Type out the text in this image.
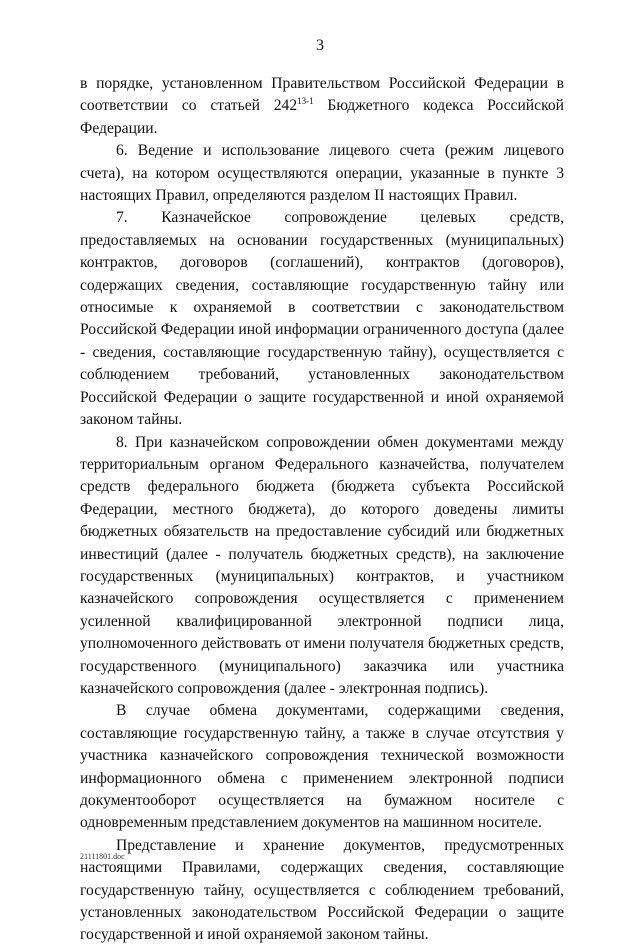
3

в порядке, установленном Правительством Российской Федерации в соответствии со статьей 242$^{13-1}$ Бюджетного кодекса Российской Федерации.

6. Ведение и использование лицевого счета (режим лицевого счета), на котором осуществляются операции, указанные в пункте 3 настоящих Правил, определяются разделом II настоящих Правил.

7. Казначейское сопровождение целевых средств, предоставляемых на основании государственных (муниципальных) контрактов, договоров (соглашений), контрактов (договоров), содержащих сведения, составляющие государственную тайну или относимые к охраняемой в соответствии с законодательством Российской Федерации иной информации ограниченного доступа (далее - сведения, составляющие государственную тайну), осуществляется с соблюдением требований, установленных законодательством Российской Федерации о защите государственной и иной охраняемой законом тайны.

8. При казначейском сопровождении обмен документами между территориальным органом Федерального казначейства, получателем средств федерального бюджета (бюджета субъекта Российской Федерации, местного бюджета), до которого доведены лимиты бюджетных обязательств на предоставление субсидий или бюджетных инвестиций (далее - получатель бюджетных средств), на заключение государственных (муниципальных) контрактов, и участником казначейского сопровождения осуществляется с применением усиленной квалифицированной электронной подписи лица, уполномоченного действовать от имени получателя бюджетных средств, государственного (муниципального) заказчика или участника казначейского сопровождения (далее - электронная подпись).

В случае обмена документами, содержащими сведения, составляющие государственную тайну, а также в случае отсутствия у участника казначейского сопровождения технической возможности информационного обмена с применением электронной подписи документооборот осуществляется на бумажном носителе с одновременным представлением документов на машинном носителе.

Представление и хранение документов, предусмотренных настоящими Правилами, содержащих сведения, составляющие государственную тайну, осуществляется с соблюдением требований, установленных законодательством Российской Федерации о защите государственной и иной охраняемой законом тайны.

21111801.doc
